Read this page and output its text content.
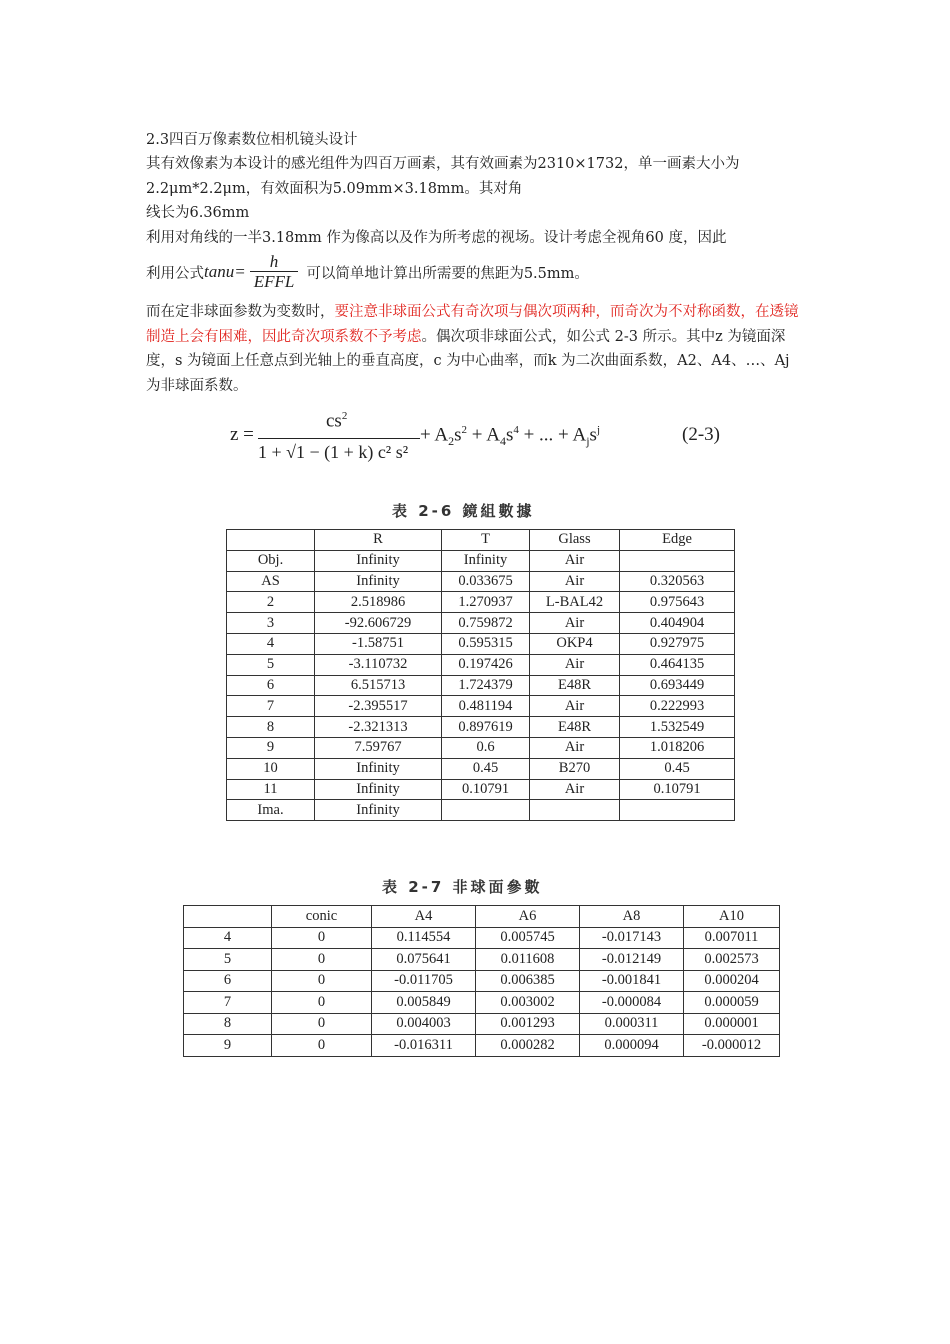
2.3四百万像素数位相机镜头设计
其有效像素为本设计的感光组件为四百万画素，其有效画素为2310×1732，单一画素大小为2.2μm*2.2μm，有效面积为5.09mm×3.18mm。其对角
线长为6.36mm
利用对角线的一半3.18mm 作为像高以及作为所考虑的视场。设计考虑全视角60 度，因此
利用公式 $\tan u = \frac{h}{\text{EFFL}}$ 可以简单地计算出所需要的焦距为5.5mm。
而在定非球面参数为变数时，要注意非球面公式有奇次项与偶次项两种，而奇次为不对称函数，在透镜制造上会有困难，因此奇次项系数不予考虑。偶次项非球面公式，如公式 2-3 所示。其中z 为镜面深度，s 为镜面上任意点到光轴上的垂直高度，c 为中心曲率，而k 为二次曲面系数，A2、A4、…、Aj 为非球面系数。
z =
$cs^2$
1 + √1 − (1 + k) c² s²
+ $A_2s^2 + A_4s^4$ + ... + $A_js^j$	(2-3)
表 2-6 鏡組數據
	R	T	Glass	Edge
Obj.	Infinity	Infinity	Air	
AS	Infinity	0.033675	Air	0.320563
2	2.518986	1.270937	L-BAL42	0.975643
3	-92.606729	0.759872	Air	0.404904
4	-1.58751	0.595315	OKP4	0.927975
5	-3.110732	0.197426	Air	0.464135
6	6.515713	1.724379	E48R	0.693449
7	-2.395517	0.481194	Air	0.222993
8	-2.321313	0.897619	E48R	1.532549
9	7.59767	0.6	Air	1.018206
10	Infinity	0.45	B270	0.45
11	Infinity	0.10791	Air	0.10791
Ima.	Infinity			
表 2-7 非球面參數
	conic	A4	A6	A8	A10
4	0	0.114554	0.005745	-0.017143	0.007011
5	0	0.075641	0.011608	-0.012149	0.002573
6	0	-0.011705	0.006385	-0.001841	0.000204
7	0	0.005849	0.003002	-0.000084	0.000059
8	0	0.004003	0.001293	0.000311	0.000001
9	0	-0.016311	0.000282	0.000094	-0.000012
